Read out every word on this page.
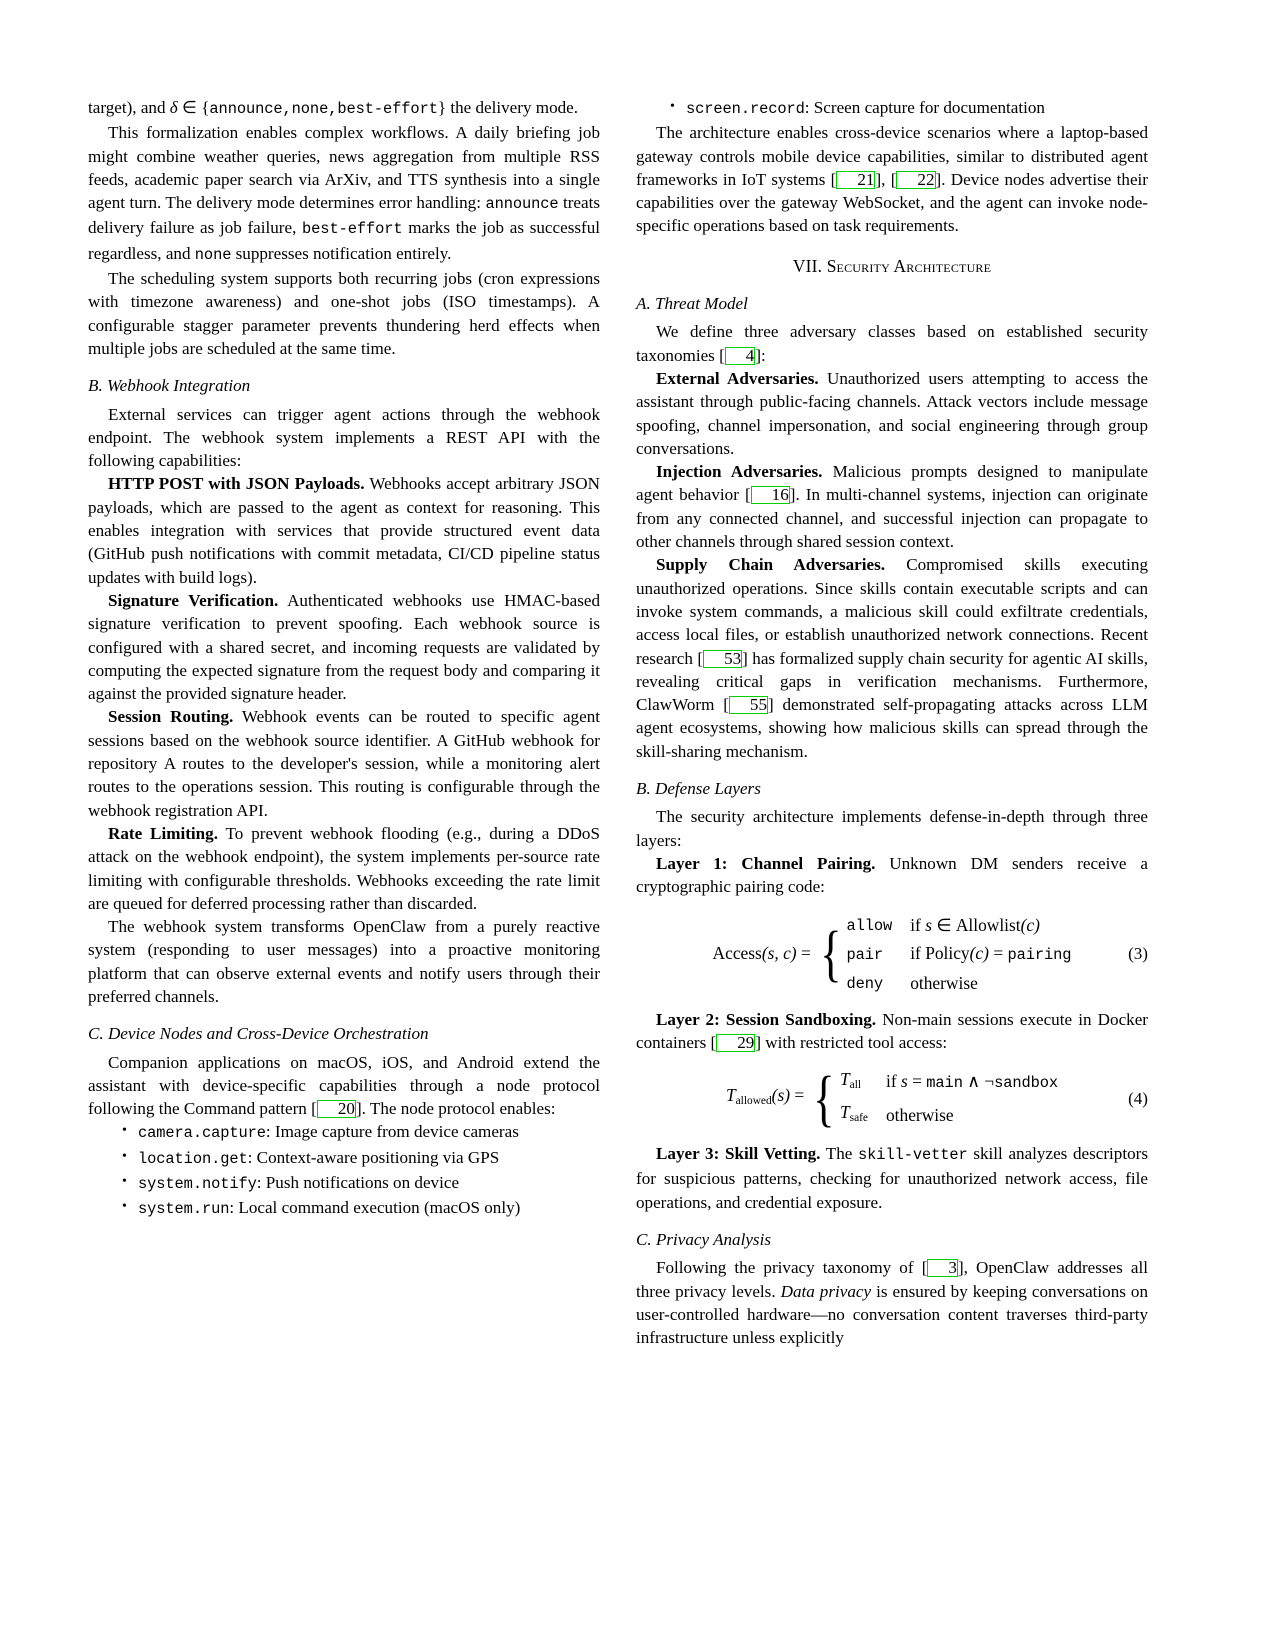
target), and δ ∈ {announce,none,best-effort} the delivery mode.

This formalization enables complex workflows. A daily briefing job might combine weather queries, news aggregation from multiple RSS feeds, academic paper search via ArXiv, and TTS synthesis into a single agent turn. The delivery mode determines error handling: announce treats delivery failure as job failure, best-effort marks the job as successful regardless, and none suppresses notification entirely.

The scheduling system supports both recurring jobs (cron expressions with timezone awareness) and one-shot jobs (ISO timestamps). A configurable stagger parameter prevents thundering herd effects when multiple jobs are scheduled at the same time.

B. Webhook Integration

External services can trigger agent actions through the webhook endpoint. The webhook system implements a REST API with the following capabilities:

HTTP POST with JSON Payloads. Webhooks accept arbitrary JSON payloads, which are passed to the agent as context for reasoning. This enables integration with services that provide structured event data (GitHub push notifications with commit metadata, CI/CD pipeline status updates with build logs).

Signature Verification. Authenticated webhooks use HMAC-based signature verification to prevent spoofing. Each webhook source is configured with a shared secret, and incoming requests are validated by computing the expected signature from the request body and comparing it against the provided signature header.

Session Routing. Webhook events can be routed to specific agent sessions based on the webhook source identifier. A GitHub webhook for repository A routes to the developer's session, while a monitoring alert routes to the operations session. This routing is configurable through the webhook registration API.

Rate Limiting. To prevent webhook flooding (e.g., during a DDoS attack on the webhook endpoint), the system implements per-source rate limiting with configurable thresholds. Webhooks exceeding the rate limit are queued for deferred processing rather than discarded.

The webhook system transforms OpenClaw from a purely reactive system (responding to user messages) into a proactive monitoring platform that can observe external events and notify users through their preferred channels.

C. Device Nodes and Cross-Device Orchestration

Companion applications on macOS, iOS, and Android extend the assistant with device-specific capabilities through a node protocol following the Command pattern [ 20]. The node protocol enables:

• camera.capture: Image capture from device cameras
• location.get: Context-aware positioning via GPS
• system.notify: Push notifications on device
• system.run: Local command execution (macOS only)
• screen.record: Screen capture for documentation

The architecture enables cross-device scenarios where a laptop-based gateway controls mobile device capabilities, similar to distributed agent frameworks in IoT systems [ 21], [ 22]. Device nodes advertise their capabilities over the gateway WebSocket, and the agent can invoke node-specific operations based on task requirements.

VII. Security Architecture

A. Threat Model

We define three adversary classes based on established security taxonomies [ 4]:

External Adversaries. Unauthorized users attempting to access the assistant through public-facing channels. Attack vectors include message spoofing, channel impersonation, and social engineering through group conversations.

Injection Adversaries. Malicious prompts designed to manipulate agent behavior [ 16]. In multi-channel systems, injection can originate from any connected channel, and successful injection can propagate to other channels through shared session context.

Supply Chain Adversaries. Compromised skills executing unauthorized operations. Since skills contain executable scripts and can invoke system commands, a malicious skill could exfiltrate credentials, access local files, or establish unauthorized network connections. Recent research [ 53] has formalized supply chain security for agentic AI skills, revealing critical gaps in verification mechanisms. Furthermore, ClawWorm [ 55] demonstrated self-propagating attacks across LLM agent ecosystems, showing how malicious skills can spread through the skill-sharing mechanism.

B. Defense Layers

The security architecture implements defense-in-depth through three layers:

Layer 1: Channel Pairing. Unknown DM senders receive a cryptographic pairing code:

Access(s, c) = { allow	if s ∈ Allowlist(c)
pair	if Policy(c) = pairing
deny	otherwise
(3)

Layer 2: Session Sandboxing. Non-main sessions execute in Docker containers [ 29] with restricted tool access:

$T_{allowed}(s)$ = { $T_{all}$	if s = main ∧ ¬sandbox
$T_{safe}$	otherwise
(4)

Layer 3: Skill Vetting. The skill-vetter skill analyzes descriptors for suspicious patterns, checking for unauthorized network access, file operations, and credential exposure.

C. Privacy Analysis

Following the privacy taxonomy of [ 3], OpenClaw addresses all three privacy levels. Data privacy is ensured by keeping conversations on user-controlled hardware—no conversation content traverses third-party infrastructure unless explicitly
